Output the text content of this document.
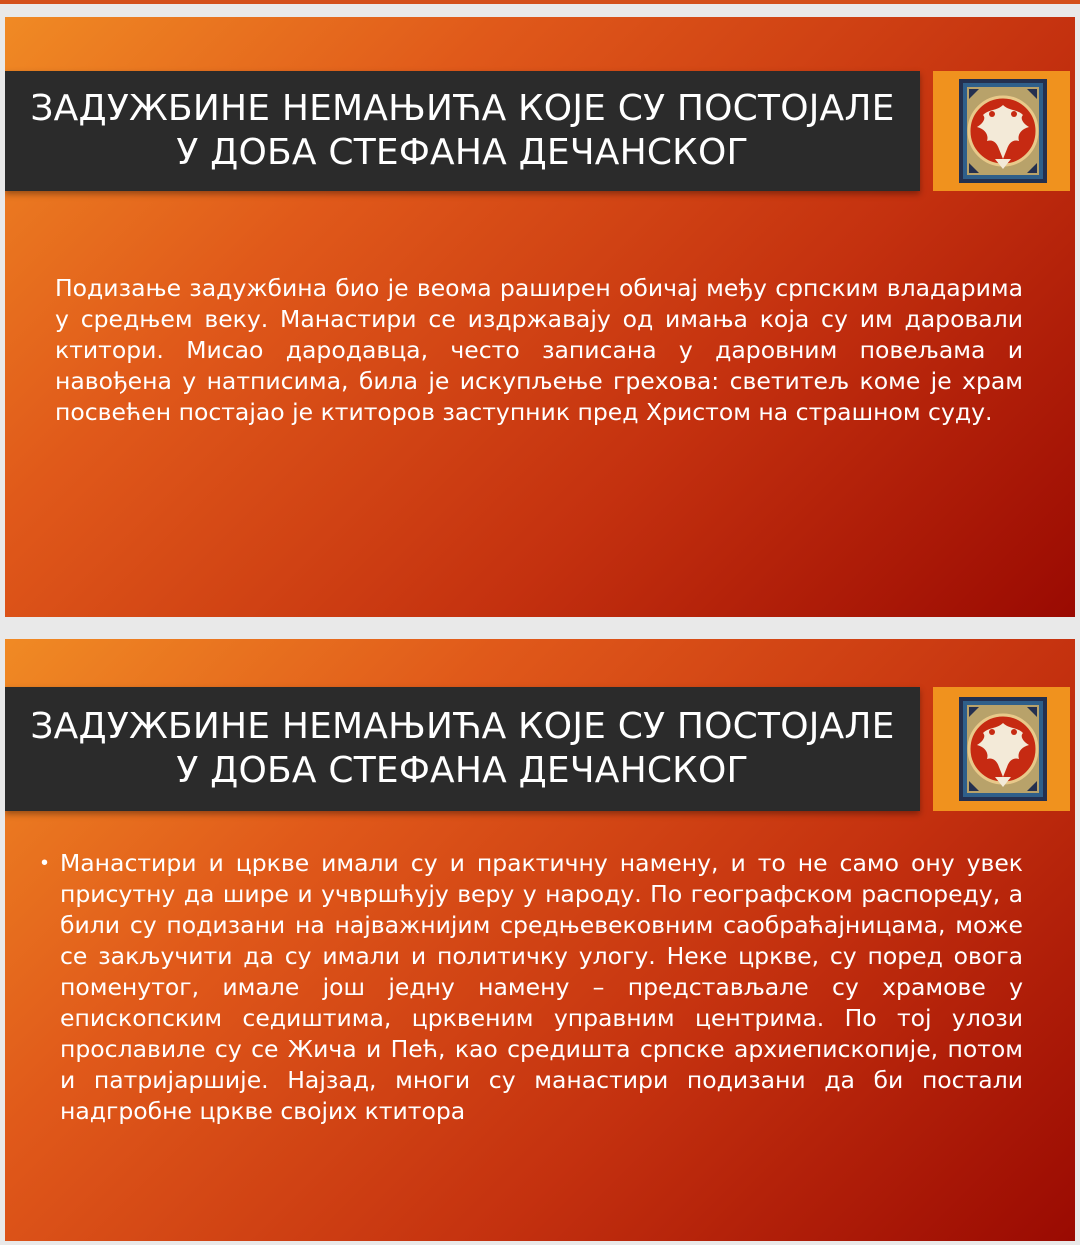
ЗАДУЖБИНЕ НЕМАЊИЋА КОЈЕ СУ ПОСТОЈАЛЕ
У ДОБА СТЕФАНА ДЕЧАНСКОГ
Подизање задужбина био је веома раширен обичај међу српским владарима у средњем веку. Манастири се издржавају од имања која су им даровали ктитори. Мисао дародавца, често записана у даровним повељама и навођена у натписима, била је искупљење грехова: светитељ коме је храм посвећен постајао је ктиторов заступник пред Христом на страшном суду.
ЗАДУЖБИНЕ НЕМАЊИЋА КОЈЕ СУ ПОСТОЈАЛЕ
У ДОБА СТЕФАНА ДЕЧАНСКОГ
• Манастири и цркве имали су и практичну намену, и то не само ону увек присутну да шире и учвршћују веру у народу. По географском распореду, а били су подизани на најважнијим средњевековним саобраћајницама, може се закључити да су имали и политичку улогу. Неке цркве, су поред овога поменутог, имале још једну намену – представљале су храмове у епископским седиштима, црквеним управним центрима. По тој улози прославиле су се Жича и Пећ, као средишта српске архиепископије, потом и патријаршије. Најзад, многи су манастири подизани да би постали надгробне цркве својих ктитора
